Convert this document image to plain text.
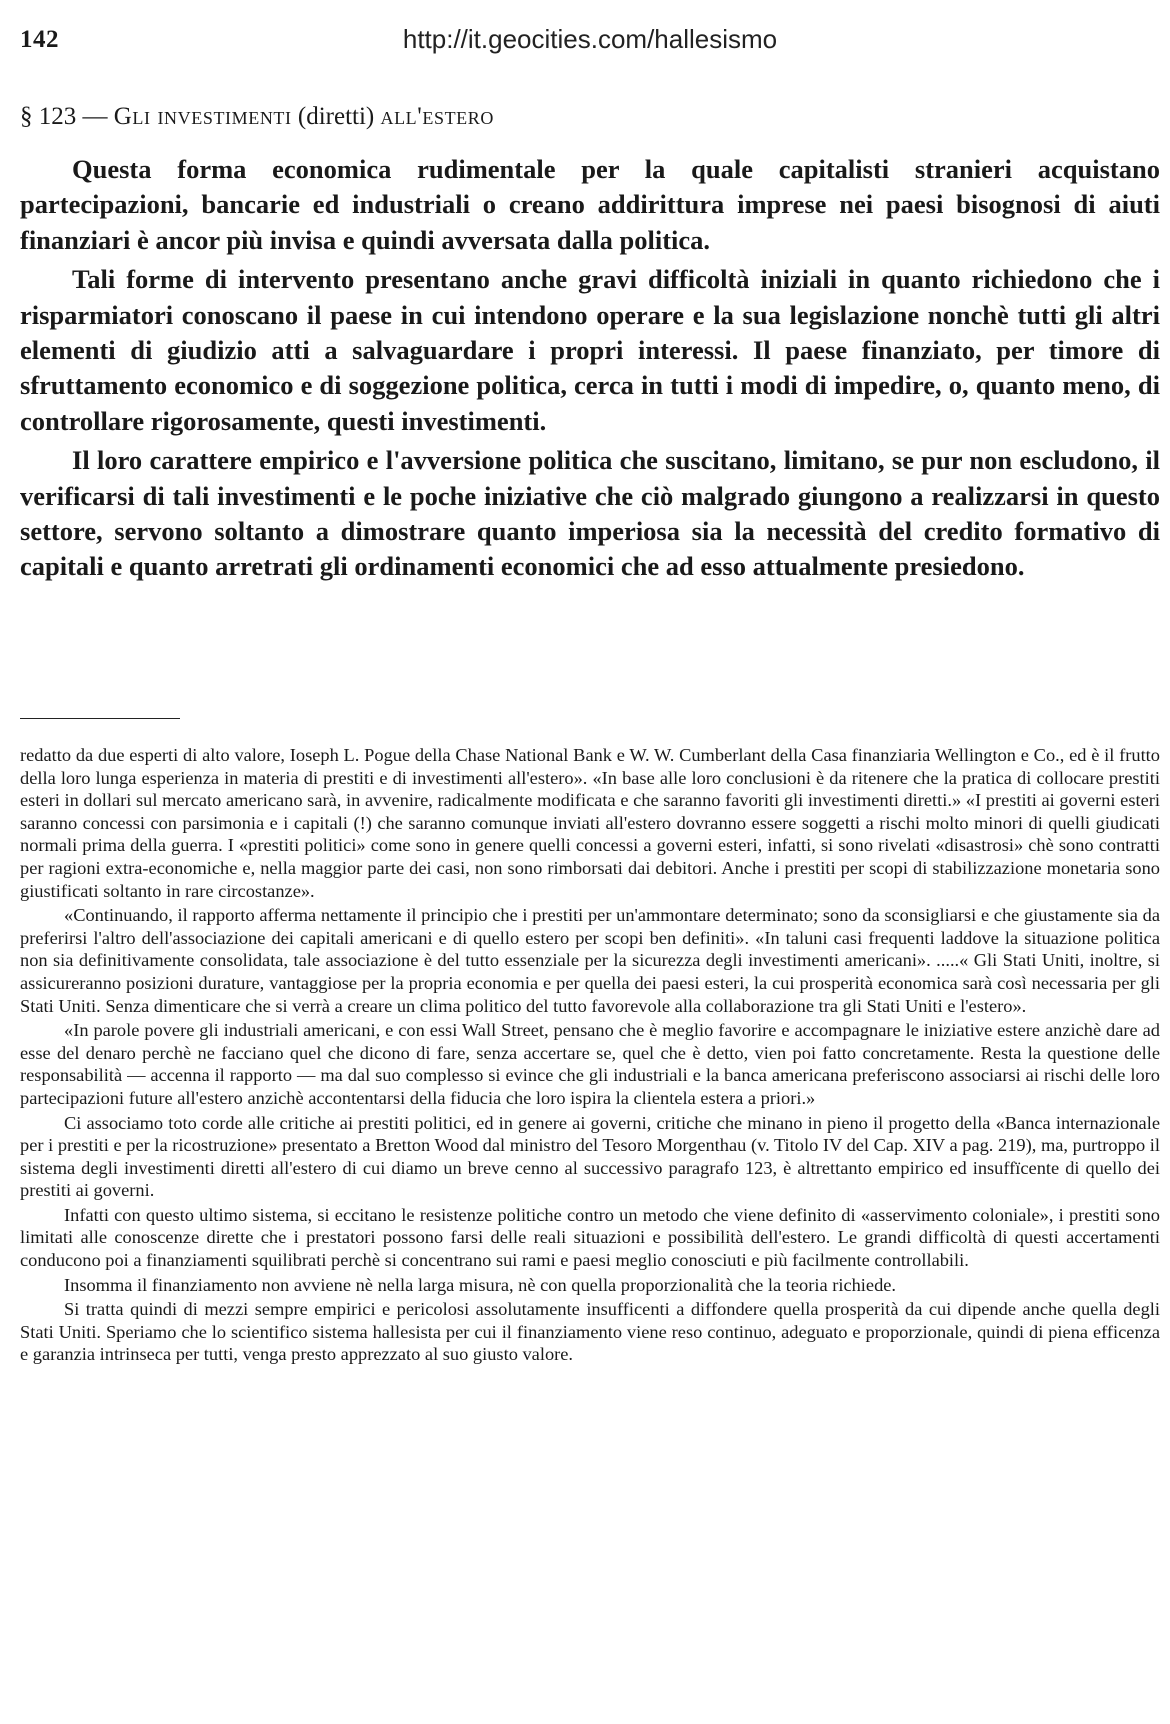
142	http://it.geocities.com/hallesismo
§ 123 — Gli investimenti (diretti) all'estero

Questa forma economica rudimentale per la quale capitalisti stranieri acquistano partecipazioni, bancarie ed industriali o creano addirittura imprese nei paesi bisognosi di aiuti finanziari è ancor più invisa e quindi avversata dalla politica.

Tali forme di intervento presentano anche gravi difficoltà iniziali in quanto richiedono che i risparmiatori conoscano il paese in cui intendono operare e la sua legislazione nonchè tutti gli altri elementi di giudizio atti a salvaguardare i propri interessi. Il paese finanziato, per timore di sfruttamento economico e di soggezione politica, cerca in tutti i modi di impedire, o, quanto meno, di controllare rigorosamente, questi investimenti.

Il loro carattere empirico e l'avversione politica che suscitano, limitano, se pur non escludono, il verificarsi di tali investimenti e le poche iniziative che ciò malgrado giungono a realizzarsi in questo settore, servono soltanto a dimostrare quanto imperiosa sia la necessità del credito formativo di capitali e quanto arretrati gli ordinamenti economici che ad esso attualmente presiedono.

redatto da due esperti di alto valore, Ioseph L. Pogue della Chase National Bank e W. W. Cumberlant della Casa finanziaria Wellington e Co., ed è il frutto della loro lunga esperienza in materia di prestiti e di investimenti all'estero». «In base alle loro conclusioni è da ritenere che la pratica di collocare prestiti esteri in dollari sul mercato americano sarà, in avvenire, radicalmente modificata e che saranno favoriti gli investimenti diretti.» «I prestiti ai governi esteri saranno concessi con parsimonia e i capitali (!) che saranno comunque inviati all'estero dovranno essere soggetti a rischi molto minori di quelli giudicati normali prima della guerra. I «prestiti politici» come sono in genere quelli concessi a governi esteri, infatti, si sono rivelati «disastrosi» chè sono contratti per ragioni extra-economiche e, nella maggior parte dei casi, non sono rimborsati dai debitori. Anche i prestiti per scopi di stabilizzazione monetaria sono giustificati soltanto in rare circostanze».

«Continuando, il rapporto afferma nettamente il principio che i prestiti per un'ammontare determinato; sono da sconsigliarsi e che giustamente sia da preferirsi l'altro dell'associazione dei capitali americani e di quello estero per scopi ben definiti». «In taluni casi frequenti laddove la situazione politica non sia definitivamente consolidata, tale associazione è del tutto essenziale per la sicurezza degli investimenti americani». .....« Gli Stati Uniti, inoltre, si assicureranno posizioni durature, vantaggiose per la propria economia e per quella dei paesi esteri, la cui prosperità economica sarà così necessaria per gli Stati Uniti. Senza dimenticare che si verrà a creare un clima politico del tutto favorevole alla collaborazione tra gli Stati Uniti e l'estero».

«In parole povere gli industriali americani, e con essi Wall Street, pensano che è meglio favorire e accompagnare le iniziative estere anzichè dare ad esse del denaro perchè ne facciano quel che dicono di fare, senza accertare se, quel che è detto, vien poi fatto concretamente. Resta la questione delle responsabilità — accenna il rapporto — ma dal suo complesso si evince che gli industriali e la banca americana preferiscono associarsi ai rischi delle loro partecipazioni future all'estero anzichè accontentarsi della fiducia che loro ispira la clientela estera a priori.»

Ci associamo toto corde alle critiche ai prestiti politici, ed in genere ai governi, critiche che minano in pieno il progetto della «Banca internazionale per i prestiti e per la ricostruzione» presentato a Bretton Wood dal ministro del Tesoro Morgenthau (v. Titolo IV del Cap. XIV a pag. 219), ma, purtroppo il sistema degli investimenti diretti all'estero di cui diamo un breve cenno al successivo paragrafo 123, è altrettanto empirico ed insuffïcente di quello dei prestiti ai governi.

Infatti con questo ultimo sistema, si eccitano le resistenze politiche contro un metodo che viene definito di «asservimento coloniale», i prestiti sono limitati alle conoscenze dirette che i prestatori possono farsi delle reali situazioni e possibilità dell'estero. Le grandi difficoltà di questi accertamenti conducono poi a finanziamenti squilibrati perchè si concentrano sui rami e paesi meglio conosciuti e più facilmente controllabili.

Insomma il finanziamento non avviene nè nella larga misura, nè con quella proporzionalità che la teoria richiede.

Si tratta quindi di mezzi sempre empirici e pericolosi assolutamente insufficenti a diffondere quella prosperità da cui dipende anche quella degli Stati Uniti. Speriamo che lo scientifico sistema hallesista per cui il finanziamento viene reso continuo, adeguato e proporzionale, quindi di piena efficenza e garanzia intrinseca per tutti, venga presto apprezzato al suo giusto valore.
